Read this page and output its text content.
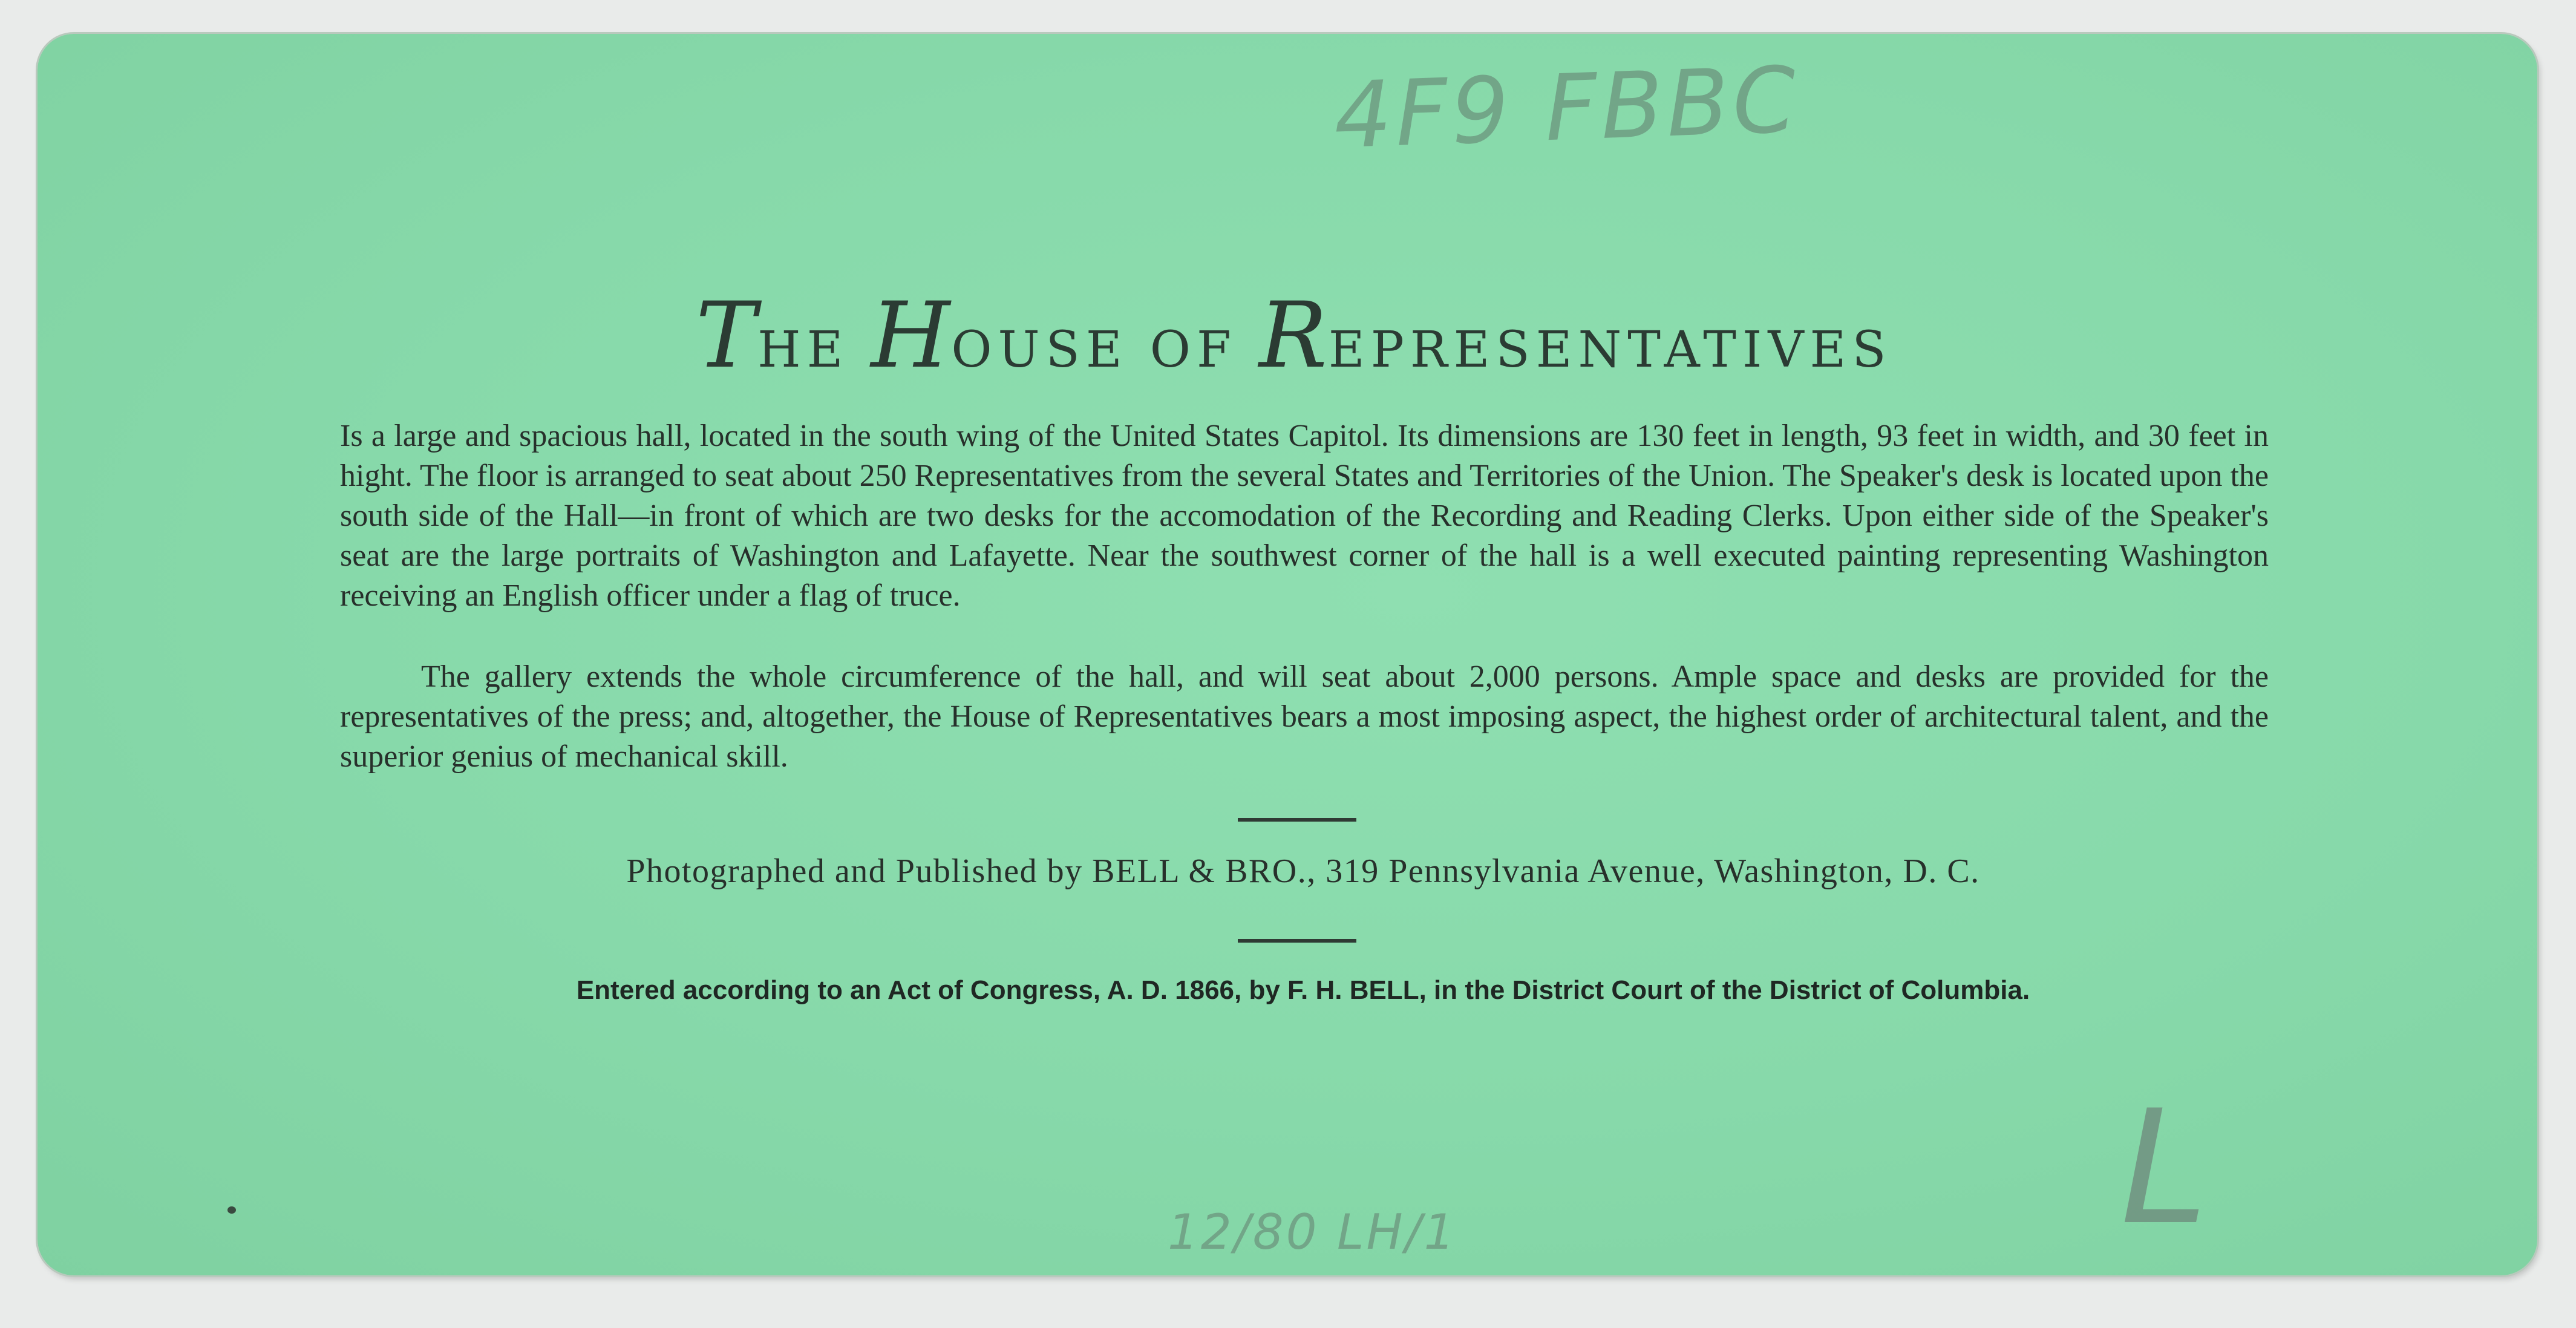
4F9 FBBC
THE HOUSE OF REPRESENTATIVES
Is a large and spacious hall, located in the south wing of the United States Capitol. Its dimensions are 130 feet in length, 93 feet in width, and 30 feet in hight. The floor is arranged to seat about 250 Representatives from the several States and Territories of the Union. The Speaker's desk is located upon the south side of the Hall—in front of which are two desks for the accomodation of the Recording and Reading Clerks. Upon either side of the Speaker's seat are the large portraits of Washington and Lafayette. Near the southwest corner of the hall is a well executed painting representing Washington receiving an English officer under a flag of truce.
The gallery extends the whole circumference of the hall, and will seat about 2,000 persons. Ample space and desks are provided for the representatives of the press; and, altogether, the House of Representatives bears a most imposing aspect, the highest order of architectural talent, and the superior genius of mechanical skill.
Photographed and Published by BELL & BRO., 319 Pennsylvania Avenue, Washington, D. C.
Entered according to an Act of Congress, A. D. 1866, by F. H. BELL, in the District Court of the District of Columbia.
L
12/80 LH/1
